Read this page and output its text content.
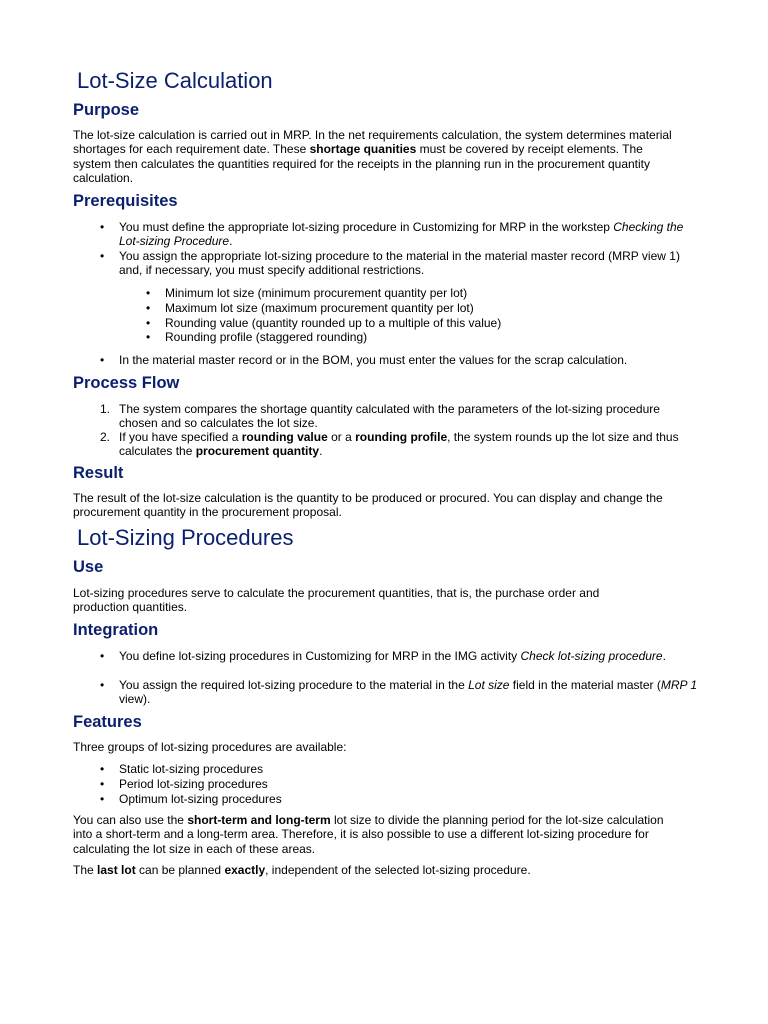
Lot-Size Calculation
Purpose
The lot-size calculation is carried out in MRP. In the net requirements calculation, the system determines material shortages for each requirement date. These shortage quanities must be covered by receipt elements. The system then calculates the quantities required for the receipts in the planning run in the procurement quantity calculation.
Prerequisites
•	You must define the appropriate lot-sizing procedure in Customizing for MRP in the workstep Checking the Lot-sizing Procedure.
•	You assign the appropriate lot-sizing procedure to the material in the material master record (MRP view 1) and, if necessary, you must specify additional restrictions.
•	Minimum lot size (minimum procurement quantity per lot)
•	Maximum lot size (maximum procurement quantity per lot)
•	Rounding value (quantity rounded up to a multiple of this value)
•	Rounding profile (staggered rounding)
•	In the material master record or in the BOM, you must enter the values for the scrap calculation.
Process Flow
1. The system compares the shortage quantity calculated with the parameters of the lot-sizing procedure chosen and so calculates the lot size.
2. If you have specified a rounding value or a rounding profile, the system rounds up the lot size and thus calculates the procurement quantity.
Result
The result of the lot-size calculation is the quantity to be produced or procured. You can display and change the procurement quantity in the procurement proposal.
Lot-Sizing Procedures
Use
Lot-sizing procedures serve to calculate the procurement quantities, that is, the purchase order and production quantities.
Integration
•	You define lot-sizing procedures in Customizing for MRP in the IMG activity Check lot-sizing procedure.
•	You assign the required lot-sizing procedure to the material in the Lot size field in the material master (MRP 1 view).
Features
Three groups of lot-sizing procedures are available:
•	Static lot-sizing procedures
•	Period lot-sizing procedures
•	Optimum lot-sizing procedures
You can also use the short-term and long-term lot size to divide the planning period for the lot-size calculation into a short-term and a long-term area. Therefore, it is also possible to use a different lot-sizing procedure for calculating the lot size in each of these areas.
The last lot can be planned exactly, independent of the selected lot-sizing procedure.
